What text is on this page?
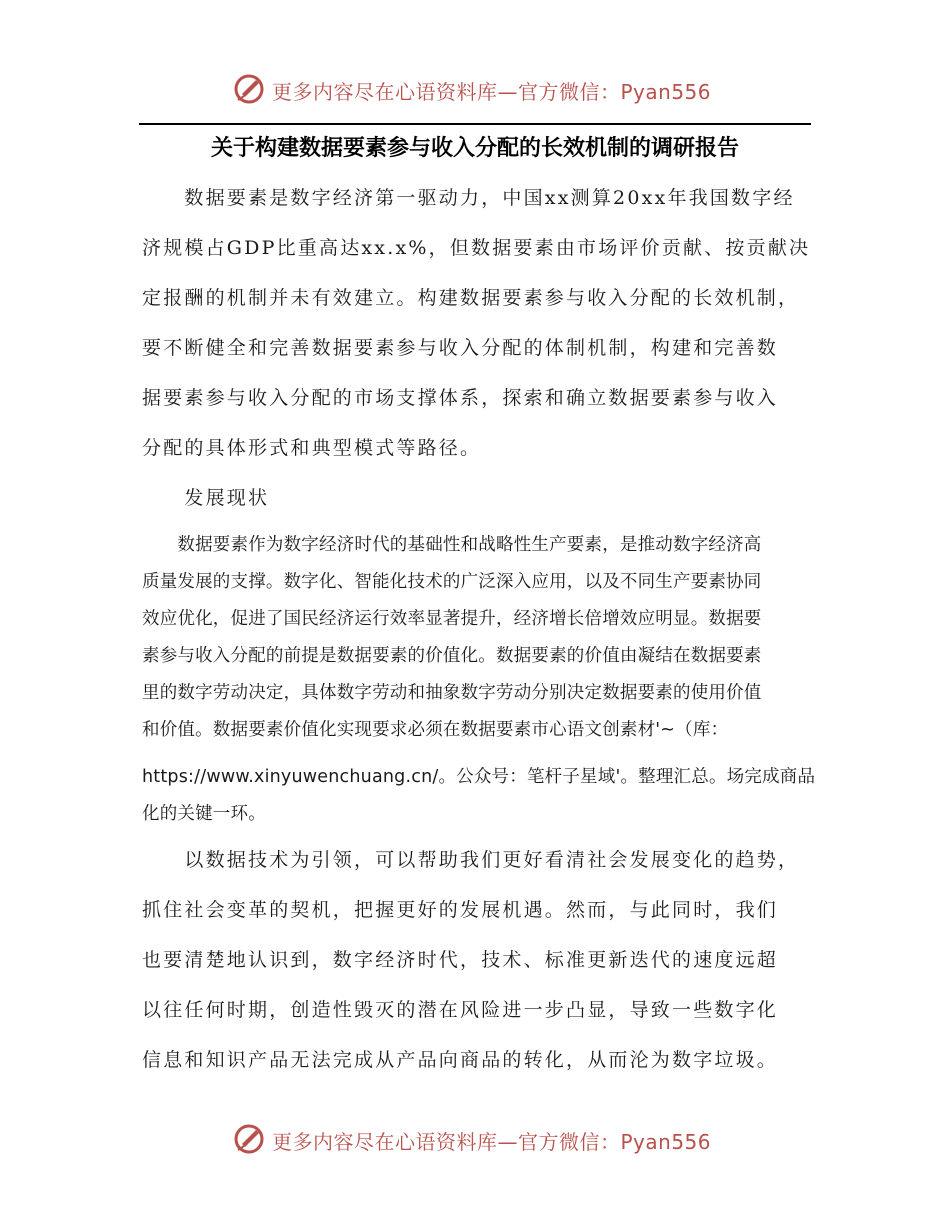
更多内容尽在心语资料库—官方微信：Pyan556
关于构建数据要素参与收入分配的长效机制的调研报告
　　数据要素是数字经济第一驱动力，中国xx测算20xx年我国数字经
济规模占GDP比重高达xx.x%，但数据要素由市场评价贡献、按贡献决
定报酬的机制并未有效建立。构建数据要素参与收入分配的长效机制，
要不断健全和完善数据要素参与收入分配的体制机制，构建和完善数
据要素参与收入分配的市场支撑体系，探索和确立数据要素参与收入
分配的具体形式和典型模式等路径。
　　发展现状
　　数据要素作为数字经济时代的基础性和战略性生产要素，是推动数字经济高
质量发展的支撑。数字化、智能化技术的广泛深入应用，以及不同生产要素协同
效应优化，促进了国民经济运行效率显著提升，经济增长倍增效应明显。数据要
素参与收入分配的前提是数据要素的价值化。数据要素的价值由凝结在数据要素
里的数字劳动决定，具体数字劳动和抽象数字劳动分别决定数据要素的使用价值
和价值。数据要素价值化实现要求必须在数据要素市心语文创素材'~（库：
https://www.xinyuwenchuang.cn/。公众号：笔杆子星域'。整理汇总。场完成商品
化的关键一环。
　　以数据技术为引领，可以帮助我们更好看清社会发展变化的趋势，
抓住社会变革的契机，把握更好的发展机遇。然而，与此同时，我们
也要清楚地认识到，数字经济时代，技术、标准更新迭代的速度远超
以往任何时期，创造性毁灭的潜在风险进一步凸显，导致一些数字化
信息和知识产品无法完成从产品向商品的转化，从而沦为数字垃圾。
更多内容尽在心语资料库—官方微信：Pyan556
